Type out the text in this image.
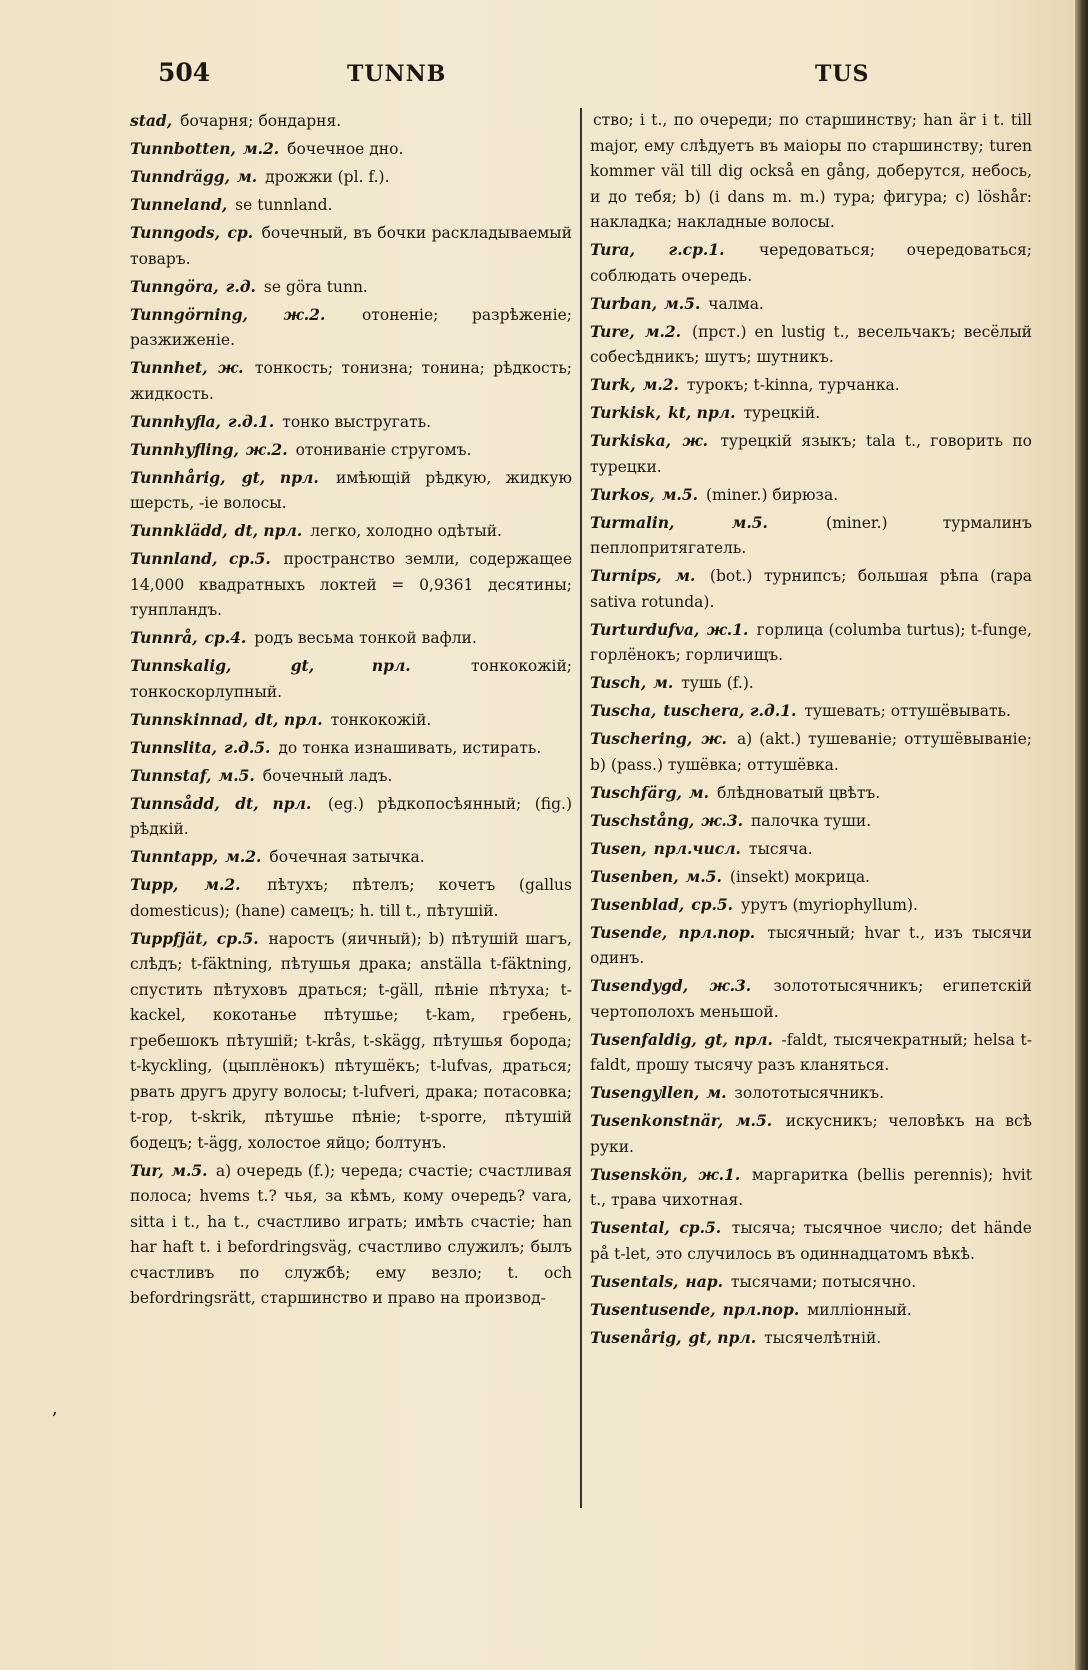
504	TUNNB	TUS

stad, бочарня; бондарня.

Tunnbotten, м.2. бочечное дно.

Tunndrägg, м. дрожжи (pl. f.).

Tunneland, se tunnland.

Tunngods, ср. бочечный, въ бочки раскладываемый товаръ.

Tunngöra, г.д. se göra tunn.

Tunngörning, ж.2. отоненіе; разрѣженіе; разжиженіе.

Tunnhet, ж. тонкость; тонизна; тонина; рѣдкость; жидкость.

Tunnhyfla, г.д.1. тонко выстругать.

Tunnhyfling, ж.2. отониваніе стругомъ.

Tunnhårig, gt, прл. имѣющій рѣдкую, жидкую шерсть, -іе волосы.

Tunnklädd, dt, прл. легко, холодно одѣтый.

Tunnland, ср.5. пространство земли, содержащее 14,000 квадратныхъ локтей = 0,9361 десятины; тунпландъ.

Tunnrå, ср.4. родъ весьма тонкой вафли.

Tunnskalig,	gt, прл.	тонкокожій; тонкоскорлупный.

Tunnskinnad, dt, прл. тонкокожій.

Tunnslita, г.д.5. до тонка изнашивать, истирать.

Tunnstaf, м.5. бочечный ладъ.

Tunnsådd, dt, прл. (eg.) рѣдкопосѣянный; (fig.) рѣдкій.

Tunntapp, м.2. бочечная затычка.

Tupp, м.2. пѣтухъ; пѣтелъ; кочетъ (gallus domesticus); (hane) самецъ; h. till t., пѣтушій.

Tuppfjät, ср.5. наростъ (яичный); b) пѣтушій шагъ, слѣдъ; t-fäktning, пѣтушья драка; anställa t-fäktning, спустить пѣтуховъ драться; t-gäll, пѣніе пѣтуха; t-kackel, кокотанье пѣтушье; t-kam, гребень, гребешокъ пѣтушій; t-krås, t-skägg, пѣтушья борода; t-kyckling, (цыплёнокъ) пѣтушёкъ; t-lufvas, драться; рвать другъ другу волосы; t-lufveri, драка; потасовка; t-rop, t-skrik, пѣтушье пѣніе; t-sporre, пѣтушій бодецъ; t-ägg, холостое яйцо; болтунъ.

Tur, м.5. a) очередь (f.); череда; счастіе; счастливая полоса; hvems t.? чья, за кѣмъ, кому очередь? vara, sitta i t., ha t., счастливо играть; имѣть счастіе; han har haft t. i befordringsväg, счастливо служилъ; былъ счастливъ по службѣ; ему везло; t. och befordringsrätt, старшинство и право на производ-

ство; i t., по очереди; по старшинству; han är i t. till major, ему слѣдуетъ въ маіоры по старшинству; turen kommer väl till dig också en gång, доберутся, небось, и до тебя; b) (i dans m. m.) тура; фигура; c) löshår: накладка; накладные волосы.

Tura, г.ср.1. чередоваться; очередоваться; соблюдать очередь.

Turban, м.5. чалма.

Ture, м.2. (прст.) en lustig t., весельчакъ; весёлый собесѣдникъ; шутъ; шутникъ.

Turk, м.2. турокъ; t-kinna, турчанка.

Turkisk, kt, прл. турецкій.

Turkiska, ж. турецкій языкъ; tala t., говорить по турецки.

Turkos, м.5. (miner.) бирюза.

Turmalin,	м.5.	(miner.) турмалинъ пеплопритягатель.

Turnips, м. (bot.) турнипсъ; большая рѣпа (rapa sativa rotunda).

Turturdufva, ж.1. горлица (columba turtus); t-funge, горлёнокъ; горличищъ.

Tusch, м. тушь (f.).

Tuscha, tuschera, г.д.1. тушевать; оттушёвывать.

Tuschering, ж. a) (akt.) тушеваніе; оттушёвываніе; b) (pass.) тушёвка; оттушёвка.

Tuschfärg, м. блѣдноватый цвѣтъ.

Tuschstång, ж.3. палочка туши.

Tusen, прл.числ. тысяча.

Tusenben, м.5. (insekt) мокрица.

Tusenblad, ср.5. урутъ (myriophyllum).

Tusende, прл.пор. тысячный; hvar t., изъ тысячи одинъ.

Tusendygd, ж.3. золототысячникъ; египетскій чертополохъ меньшой.

Tusenfaldig, gt, прл. -faldt, тысячекратный; helsa t-faldt, прошу тысячу разъ кланяться.

Tusengyllen, м. золототысячникъ.

Tusenkonstnär, м.5. искусникъ; человѣкъ на всѣ руки.

Tusenskön, ж.1. маргаритка (bellis perennis); hvit t., трава чихотная.

Tusental, ср.5. тысяча; тысячное число; det hände på t-let, это случилось въ одиннадцатомъ вѣкѣ.

Tusentals, нар. тысячами; потысячно.

Tusentusende, прл.пор. милліонный.

Tusenårig, gt, прл. тысячелѣтній.

,
